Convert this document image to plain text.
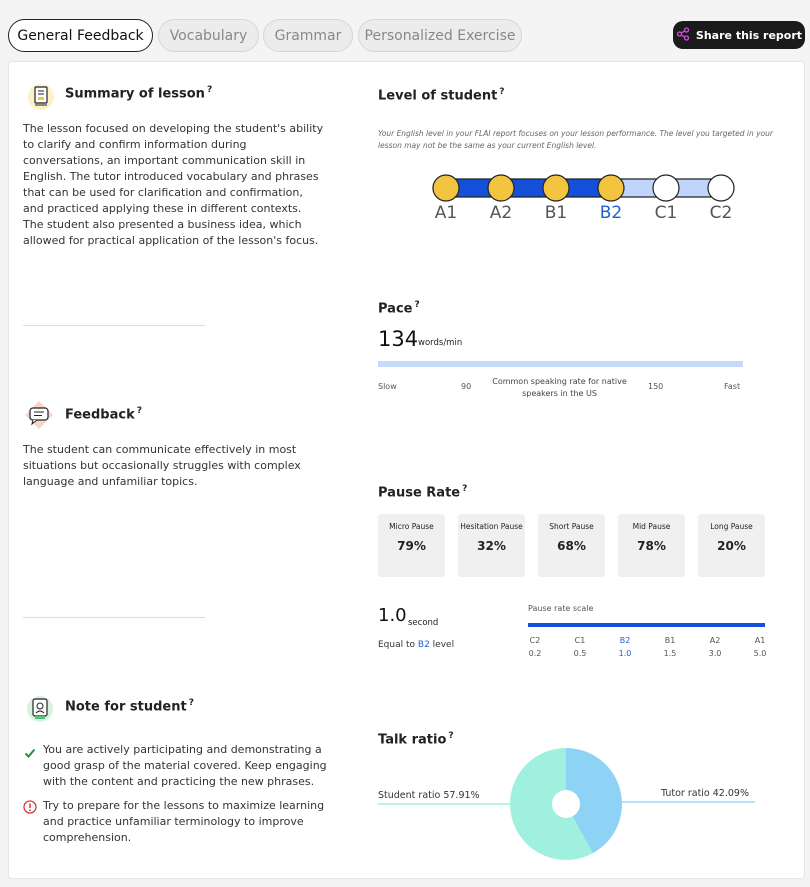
General Feedback	Vocabulary	Grammar	Personalized Exercise	Share this report
Summary of lesson ?
The lesson focused on developing the student's ability to clarify and confirm information during conversations, an important communication skill in English. The tutor introduced vocabulary and phrases that can be used for clarification and confirmation, and practiced applying these in different contexts. The student also presented a business idea, which allowed for practical application of the lesson's focus.
Feedback ?
The student can communicate effectively in most situations but occasionally struggles with complex language and unfamiliar topics.
Note for student ?
You are actively participating and demonstrating a good grasp of the material covered. Keep engaging with the content and practicing the new phrases.
Try to prepare for the lessons to maximize learning and practice unfamiliar terminology to improve comprehension.
Level of student ?
Your English level in your FLAI report focuses on your lesson performance. The level you targeted in your lesson may not be the same as your current English level.
A1 A2 B1 B2 C1 C2
Pace ?
134 words/min
Slow	90
Common speaking rate for native speakers in the US
150	Fast
Pause Rate ?
Micro Pause
79%
Hesitation Pause
32%
Short Pause
68%
Mid Pause
78%
Long Pause
20%
1.0 second
Equal to B2 level
Pause rate scale
C2
0.2
C1
0.5
B2
1.0
B1
1.5
A2
3.0
A1
5.0
Talk ratio ?
Student ratio 57.91%	Tutor ratio 42.09%
